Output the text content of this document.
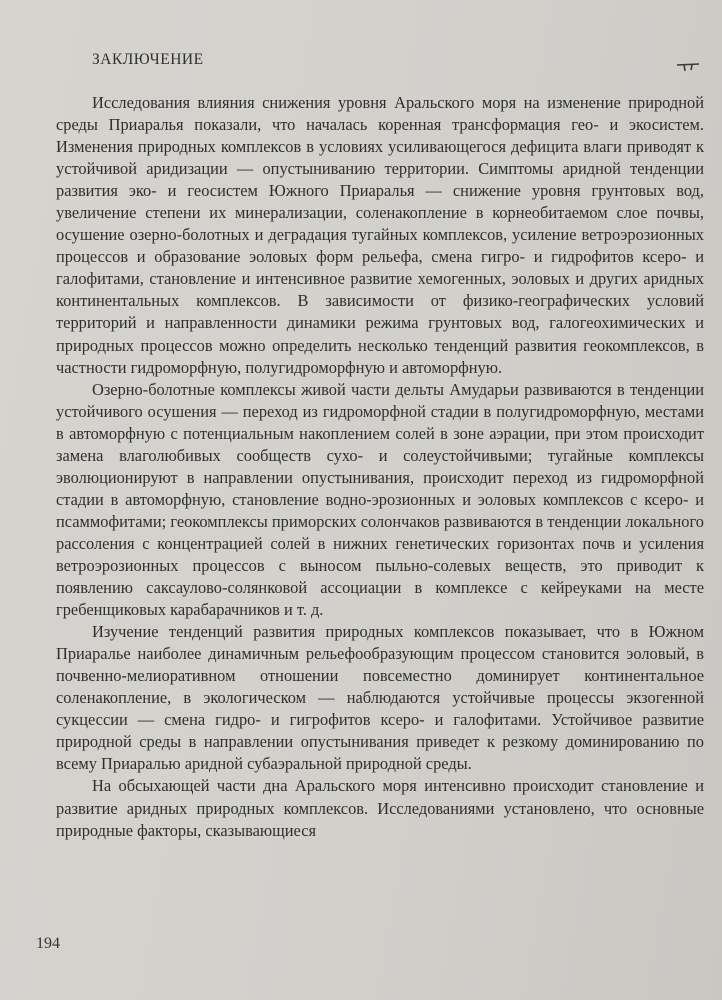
ЗАКЛЮЧЕНИЕ

Исследования влияния снижения уровня Аральского моря на изменение природной среды Приаралья показали, что началась коренная трансформация гео- и экосистем. Изменения природных комплексов в условиях усиливающегося дефицита влаги приводят к устойчивой аридизации — опустыниванию территории. Симптомы аридной тенденции развития эко- и геосистем Южного Приаралья — снижение уровня грунтовых вод, увеличение степени их минерализации, соленакопление в корнеобитаемом слое почвы, осушение озерно-болотных и деградация тугайных комплексов, усиление ветроэрозионных процессов и образование эоловых форм рельефа, смена гигро- и гидрофитов ксеро- и галофитами, становление и интенсивное развитие хемогенных, эоловых и других аридных континентальных комплексов. В зависимости от физико-географических условий территорий и направленности динамики режима грунтовых вод, галогеохимических и природных процессов можно определить несколько тенденций развития геокомплексов, в частности гидроморфную, полугидроморфную и автоморфную.

Озерно-болотные комплексы живой части дельты Амударьи развиваются в тенденции устойчивого осушения — переход из гидроморфной стадии в полугидроморфную, местами в автоморфную с потенциальным накоплением солей в зоне аэрации, при этом происходит замена влаголюбивых сообществ сухо- и солеустойчивыми; тугайные комплексы эволюционируют в направлении опустынивания, происходит переход из гидроморфной стадии в автоморфную, становление водно-эрозионных и эоловых комплексов с ксеро- и псаммофитами; геокомплексы приморских солончаков развиваются в тенденции локального рассоления с концентрацией солей в нижних генетических горизонтах почв и усиления ветроэрозионных процессов с выносом пыльно-солевых веществ, это приводит к появлению саксаулово-солянковой ассоциации в комплексе с кейреуками на месте гребенщиковых карабарачников и т. д.

Изучение тенденций развития природных комплексов показывает, что в Южном Приаралье наиболее динамичным рельефообразующим процессом становится эоловый, в почвенно-мелиоративном отношении повсеместно доминирует континентальное соленакопление, в экологическом — наблюдаются устойчивые процессы экзогенной сукцессии — смена гидро- и гигрофитов ксеро- и галофитами. Устойчивое развитие природной среды в направлении опустынивания приведет к резкому доминированию по всему Приаралью аридной субаэральной природной среды.

На обсыхающей части дна Аральского моря интенсивно происходит становление и развитие аридных природных комплексов. Исследованиями установлено, что основные природные факторы, сказывающиеся

194
